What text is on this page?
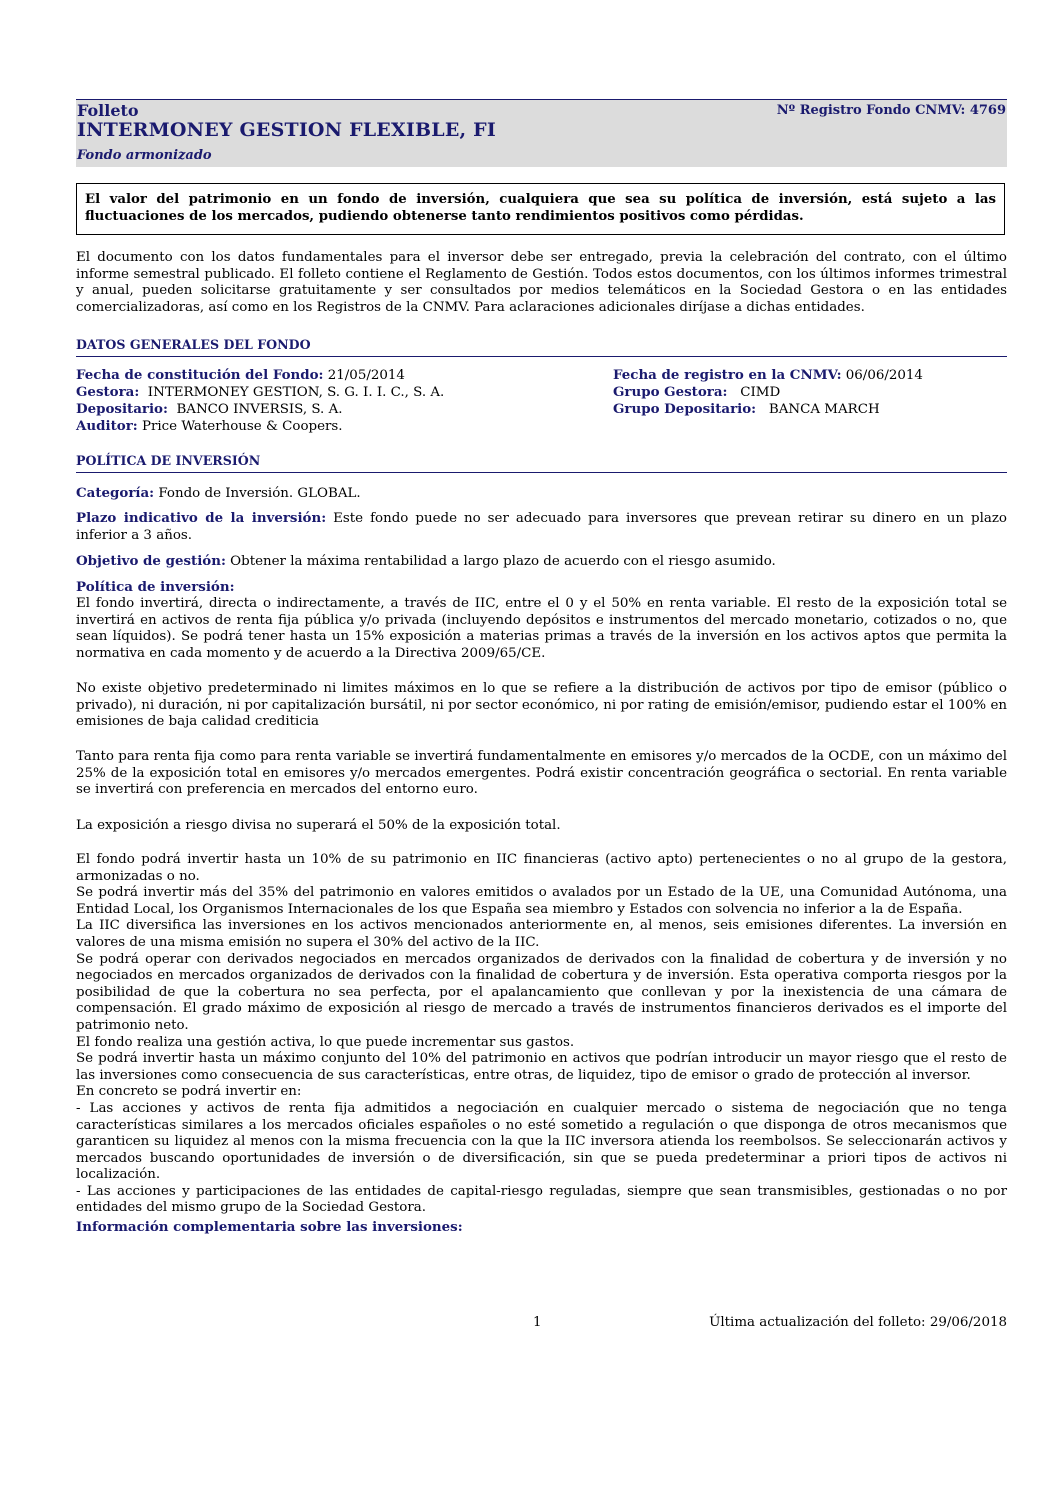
Folleto
INTERMONEY GESTION FLEXIBLE, FI
Fondo armonizado
Nº Registro Fondo CNMV: 4769
El valor del patrimonio en un fondo de inversión, cualquiera que sea su política de inversión, está sujeto a las fluctuaciones de los mercados, pudiendo obtenerse tanto rendimientos positivos como pérdidas.
El documento con los datos fundamentales para el inversor debe ser entregado, previa la celebración del contrato, con el último informe semestral publicado. El folleto contiene el Reglamento de Gestión. Todos estos documentos, con los últimos informes trimestral y anual, pueden solicitarse gratuitamente y ser consultados por medios telemáticos en la Sociedad Gestora o en las entidades comercializadoras, así como en los Registros de la CNMV. Para aclaraciones adicionales diríjase a dichas entidades.
DATOS GENERALES DEL FONDO
Fecha de constitución del Fondo: 21/05/2014	Fecha de registro en la CNMV: 06/06/2014
Gestora:  INTERMONEY GESTION, S. G. I. I. C., S. A.	Grupo Gestora:   CIMD
Depositario:  BANCO INVERSIS, S. A.	Grupo Depositario:   BANCA MARCH
Auditor: Price Waterhouse & Coopers.
POLÍTICA DE INVERSIÓN
Categoría: Fondo de Inversión. GLOBAL.
Plazo indicativo de la inversión: Este fondo puede no ser adecuado para inversores que prevean retirar su dinero en un plazo inferior a 3 años.
Objetivo de gestión: Obtener la máxima rentabilidad a largo plazo de acuerdo con el riesgo asumido.
Política de inversión:
El fondo invertirá, directa o indirectamente, a través de IIC, entre el 0 y el 50% en renta variable. El resto de la exposición total se invertirá en activos de renta fija pública y/o privada (incluyendo depósitos e instrumentos del mercado monetario, cotizados o no, que sean líquidos). Se podrá tener hasta un 15% exposición a materias primas a través de la inversión en los activos aptos que permita la normativa en cada momento y de acuerdo a la Directiva 2009/65/CE.
No existe objetivo predeterminado ni limites máximos en lo que se refiere a la distribución de activos por tipo de emisor (público o privado), ni duración, ni por capitalización bursátil, ni por sector económico, ni por rating de emisión/emisor, pudiendo estar el 100% en emisiones de baja calidad crediticia
Tanto para renta fija como para renta variable se invertirá fundamentalmente en emisores y/o mercados de la OCDE, con un máximo del 25% de la exposición total en emisores y/o mercados emergentes. Podrá existir concentración geográfica o sectorial. En renta variable se invertirá con preferencia en mercados del entorno euro.
La exposición a riesgo divisa no superará el 50% de la exposición total.

El fondo podrá invertir hasta un 10% de su patrimonio en IIC financieras (activo apto) pertenecientes o no al grupo de la gestora, armonizadas o no.

Se podrá invertir más del 35% del patrimonio en valores emitidos o avalados por un Estado de la UE, una Comunidad Autónoma, una Entidad Local, los Organismos Internacionales de los que España sea miembro y Estados con solvencia no inferior a la de España.

La IIC diversifica las inversiones en los activos mencionados anteriormente en, al menos, seis emisiones diferentes. La inversión en valores de una misma emisión no supera el 30% del activo de la IIC.

Se podrá operar con derivados negociados en mercados organizados de derivados con la finalidad de cobertura y de inversión y no negociados en mercados organizados de derivados con la finalidad de cobertura y de inversión. Esta operativa comporta riesgos por la posibilidad de que la cobertura no sea perfecta, por el apalancamiento que conllevan y por la inexistencia de una cámara de compensación. El grado máximo de exposición al riesgo de mercado a través de instrumentos financieros derivados es el importe del patrimonio neto.

El fondo realiza una gestión activa, lo que puede incrementar sus gastos.

Se podrá invertir hasta un máximo conjunto del 10% del patrimonio en activos que podrían introducir un mayor riesgo que el resto de las inversiones como consecuencia de sus características, entre otras, de liquidez, tipo de emisor o grado de protección al inversor.

En concreto se podrá invertir en:

- Las acciones y activos de renta fija admitidos a negociación en cualquier mercado o sistema de negociación que no tenga características similares a los mercados oficiales españoles o no esté sometido a regulación o que disponga de otros mecanismos que garanticen su liquidez al menos con la misma frecuencia con la que la IIC inversora atienda los reembolsos. Se seleccionarán activos y mercados buscando oportunidades de inversión o de diversificación, sin que se pueda predeterminar a priori tipos de activos ni localización.

- Las acciones y participaciones de las entidades de capital-riesgo reguladas, siempre que sean transmisibles, gestionadas o no por entidades del mismo grupo de la Sociedad Gestora.

Información complementaria sobre las inversiones:
1	Última actualización del folleto: 29/06/2018
